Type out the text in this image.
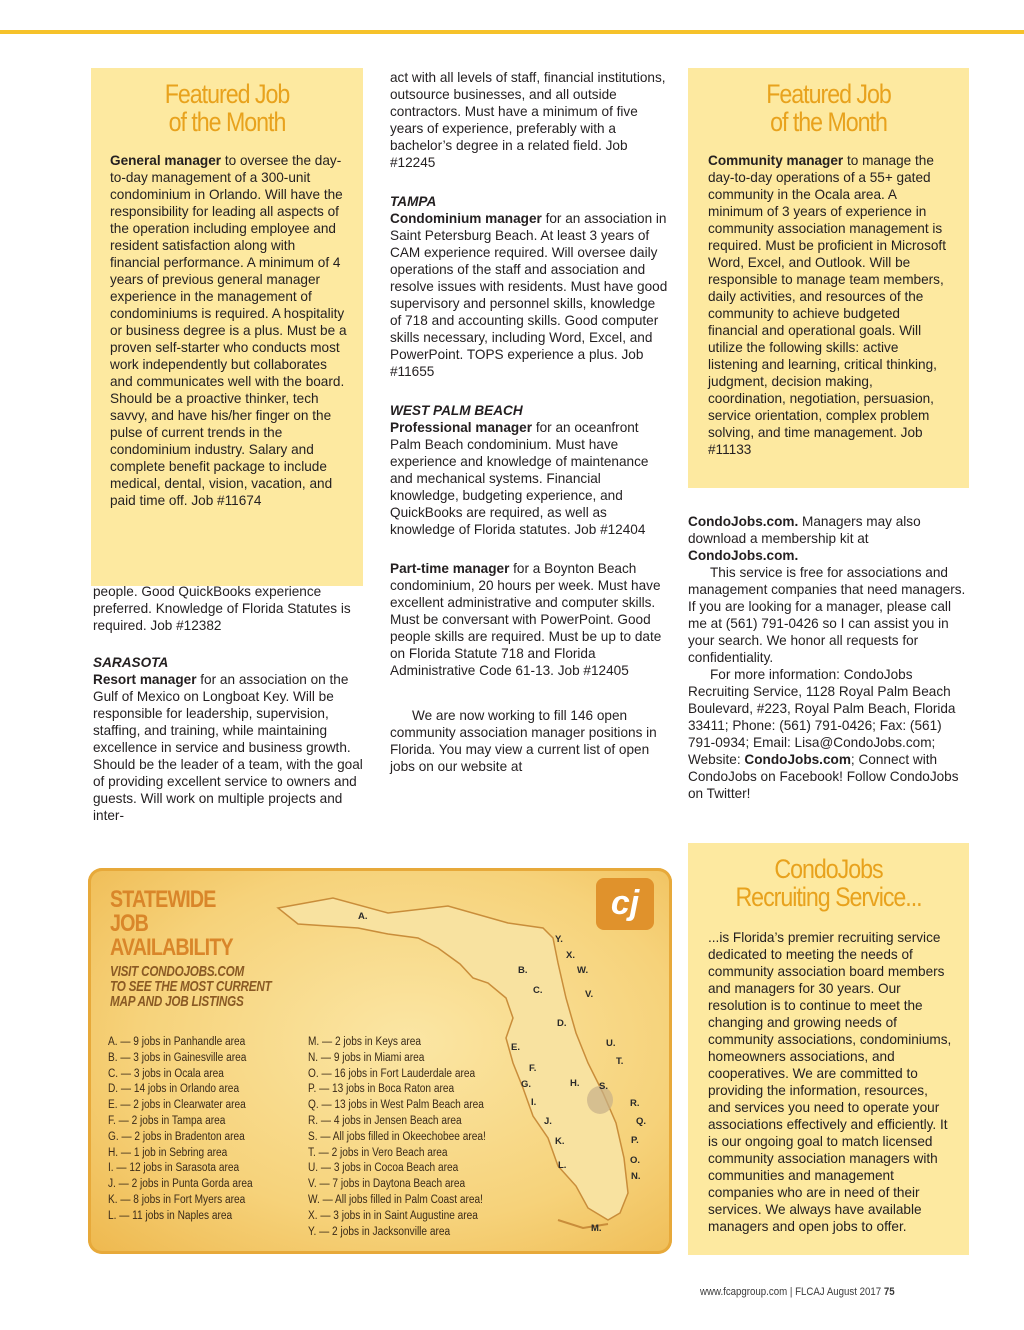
Featured Job
of the Month
General manager to oversee the day-to-day management of a 300-unit condominium in Orlando. Will have the responsibility for leading all aspects of the operation including employee and resident satisfaction along with financial performance. A minimum of 4 years of previous general manager experience in the management of condominiums is required. A hospitality or business degree is a plus. Must be a proven self-starter who conducts most work independently but collaborates and communicates well with the board. Should be a proactive thinker, tech savvy, and have his/her finger on the pulse of current trends in the condominium industry. Salary and complete benefit package to include medical, dental, vision, vacation, and paid time off. Job #11674

people. Good QuickBooks experience preferred. Knowledge of Florida Statutes is required. Job #12382

SARASOTA

Resort manager for an association on the Gulf of Mexico on Longboat Key. Will be responsible for leadership, supervision, staffing, and training, while maintaining excellence in service and business growth. Should be the leader of a team, with the goal of providing excellent service to owners and guests. Will work on multiple projects and inter-

act with all levels of staff, financial institutions, outsource businesses, and all outside contractors. Must have a minimum of five years of experience, preferably with a bachelor’s degree in a related field. Job #12245

TAMPA

Condominium manager for an association in Saint Petersburg Beach. At least 3 years of CAM experience required. Will oversee daily operations of the staff and association and resolve issues with residents. Must have good supervisory and personnel skills, knowledge of 718 and accounting skills. Good computer skills necessary, including Word, Excel, and PowerPoint. TOPS experience a plus. Job #11655

WEST PALM BEACH

Professional manager for an oceanfront Palm Beach condominium. Must have experience and knowledge of maintenance and mechanical systems. Financial knowledge, budgeting experience, and QuickBooks are required, as well as knowledge of Florida statutes. Job #12404

Part-time manager for a Boynton Beach condominium, 20 hours per week. Must have excellent administrative and computer skills. Must be conversant with PowerPoint. Good people skills are required. Must be up to date on Florida Statute 718 and Florida Administrative Code 61-13. Job #12405

We are now working to fill 146 open community association manager positions in Florida. You may view a current list of open jobs on our website at

Featured Job
of the Month
Community manager to manage the day-to-day operations of a 55+ gated community in the Ocala area. A minimum of 3 years of experience in community association management is required. Must be proficient in Microsoft Word, Excel, and Outlook. Will be responsible to manage team members, daily activities, and resources of the community to achieve budgeted financial and operational goals. Will utilize the following skills: active listening and learning, critical thinking, judgment, decision making, coordination, negotiation, persuasion, service orientation, complex problem solving, and time management. Job #11133

CondoJobs.com. Managers may also download a membership kit at CondoJobs.com.

This service is free for associations and management companies that need managers. If you are looking for a manager, please call me at (561) 791-0426 so I can assist you in your search. We honor all requests for confidentiality.

For more information: CondoJobs Recruiting Service, 1128 Royal Palm Beach Boulevard, #223, Royal Palm Beach, Florida 33411; Phone: (561) 791-0426; Fax: (561) 791-0934; Email: Lisa@CondoJobs.com; Website: CondoJobs.com; Connect with CondoJobs on Facebook! Follow CondoJobs on Twitter!

CondoJobs
Recruiting Service...
...is Florida’s premier recruiting service dedicated to meeting the needs of community association board members and managers for 30 years. Our resolution is to continue to meet the changing and growing needs of community associations, condominiums, homeowners associations, and cooperatives. We are committed to providing the information, resources, and services you need to operate your associations effectively and efficiently. It is our ongoing goal to match licensed community association managers with communities and management companies who are in need of their services. We always have available managers and open jobs to offer.
STATEWIDE
JOB
AVAILABILITY
VISIT CONDOJOBS.COM
TO SEE THE MOST CURRENT
MAP AND JOB LISTINGS
cj
A. — 9 jobs in Panhandle area
B. — 3 jobs in Gainesville area
C. — 3 jobs in Ocala area
D. — 14 jobs in Orlando area
E. — 2 jobs in Clearwater area
F. — 2 jobs in Tampa area
G. — 2 jobs in Bradenton area
H. — 1 job in Sebring area
I. — 12 jobs in Sarasota area
J. — 2 jobs in Punta Gorda area
K. — 8 jobs in Fort Myers area
L. — 11 jobs in Naples area
M. — 2 jobs in Keys area
N. — 9 jobs in Miami area
O. — 16 jobs in Fort Lauderdale area
P. — 13 jobs in Boca Raton area
Q. — 13 jobs in West Palm Beach area
R. — 4 jobs in Jensen Beach area
S. — All jobs filled in Okeechobee area!
T. — 2 jobs in Vero Beach area
U. — 3 jobs in Cocoa Beach area
V. — 7 jobs in Daytona Beach area
W. — All jobs filled in Palm Coast area!
X. — 3 jobs in in Saint Augustine area
Y. — 2 jobs in Jacksonville area
A.
Y.
X.
B.	W.
C.	V.
D.
E.	U.
F.
T.
G.	H. S.
I.	R.
J.	Q.
K.	P.
L.	O.
N.
M.
www.fcapgroup.com | FLCAJ August 2017 75
